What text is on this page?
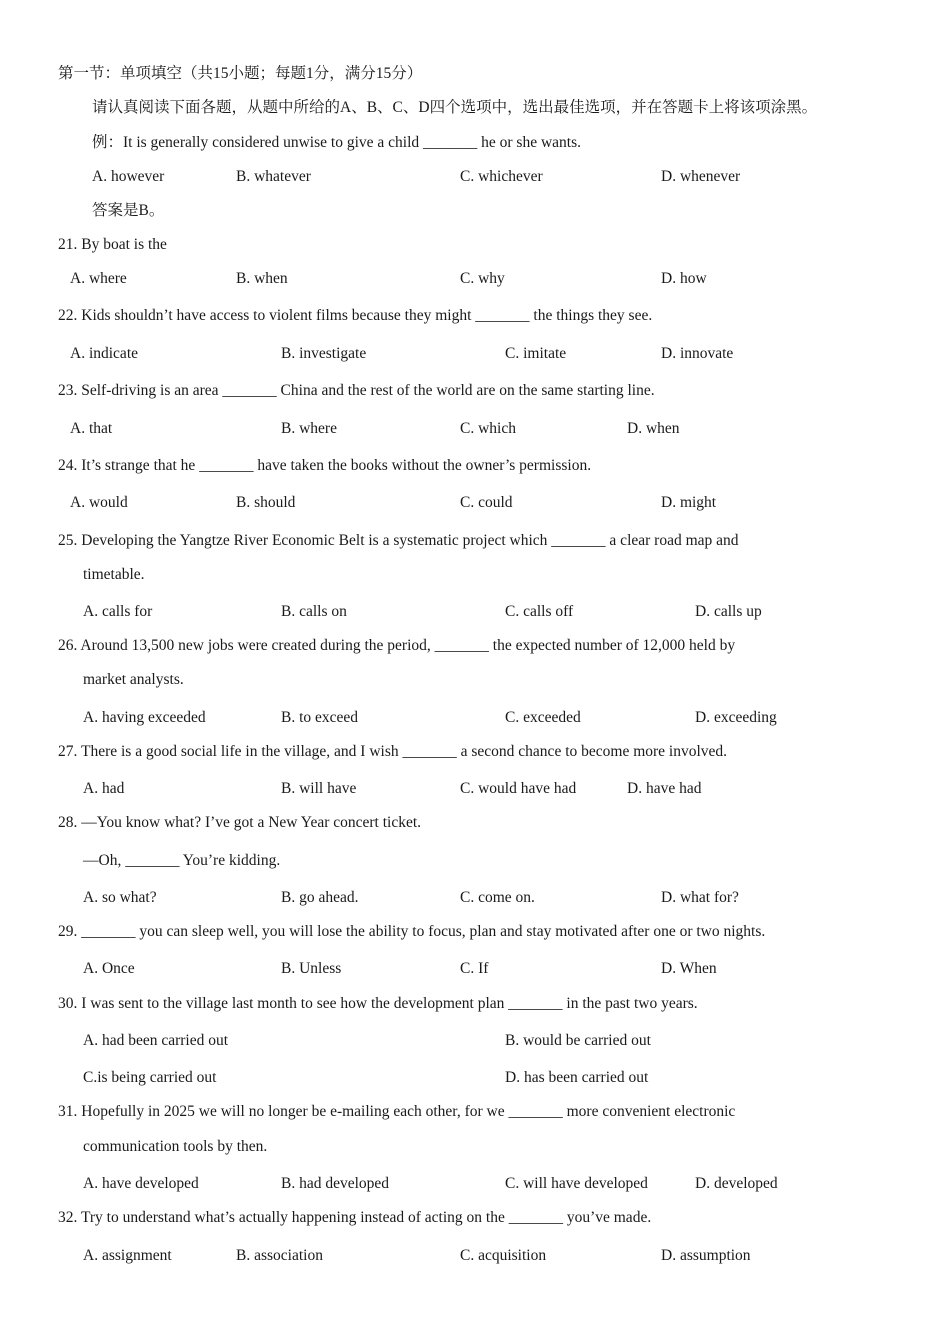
第一节：单项填空（共15小题；每题1分，满分15分）
请认真阅读下面各题，从题中所给的A、B、C、D四个选项中，选出最佳选项，并在答题卡上将该项涂黑。
例：It is generally considered unwise to give a child _______ he or she wants.
A. however	B. whatever	C. whichever	D. whenever
答案是B。
21. By boat is the
A. where	B. when	C. why	D. how
22. Kids shouldn’t have access to violent films because they might _______ the things they see.
A. indicate	B. investigate	C. imitate	D. innovate
23. Self-driving is an area _______ China and the rest of the world are on the same starting line.
A. that	B. where	C. which	D. when
24. It’s strange that he _______ have taken the books without the owner’s permission.
A. would	B. should	C. could	D. might
25. Developing the Yangtze River Economic Belt is a systematic project which _______ a clear road map and
timetable.
A. calls for	B. calls on	C. calls off	D. calls up
26. Around 13,500 new jobs were created during the period, _______ the expected number of 12,000 held by
market analysts.
A. having exceeded	B. to exceed	C. exceeded	D. exceeding
27. There is a good social life in the village, and I wish _______ a second chance to become more involved.
A. had	B. will have	C. would have had	D. have had
28. —You know what? I’ve got a New Year concert ticket.
—Oh, _______ You’re kidding.
A. so what?	B. go ahead.	C. come on.	D. what for?
29. _______ you can sleep well, you will lose the ability to focus, plan and stay motivated after one or two nights.
A. Once	B. Unless	C. If	D. When
30. I was sent to the village last month to see how the development plan _______ in the past two years.
A. had been carried out	B. would be carried out
C.is being carried out	D. has been carried out
31. Hopefully in 2025 we will no longer be e-mailing each other, for we _______ more convenient electronic
communication tools by then.
A. have developed	B. had developed	C. will have developed	D. developed
32. Try to understand what’s actually happening instead of acting on the _______ you’ve made.
A. assignment	B. association	C. acquisition	D. assumption
